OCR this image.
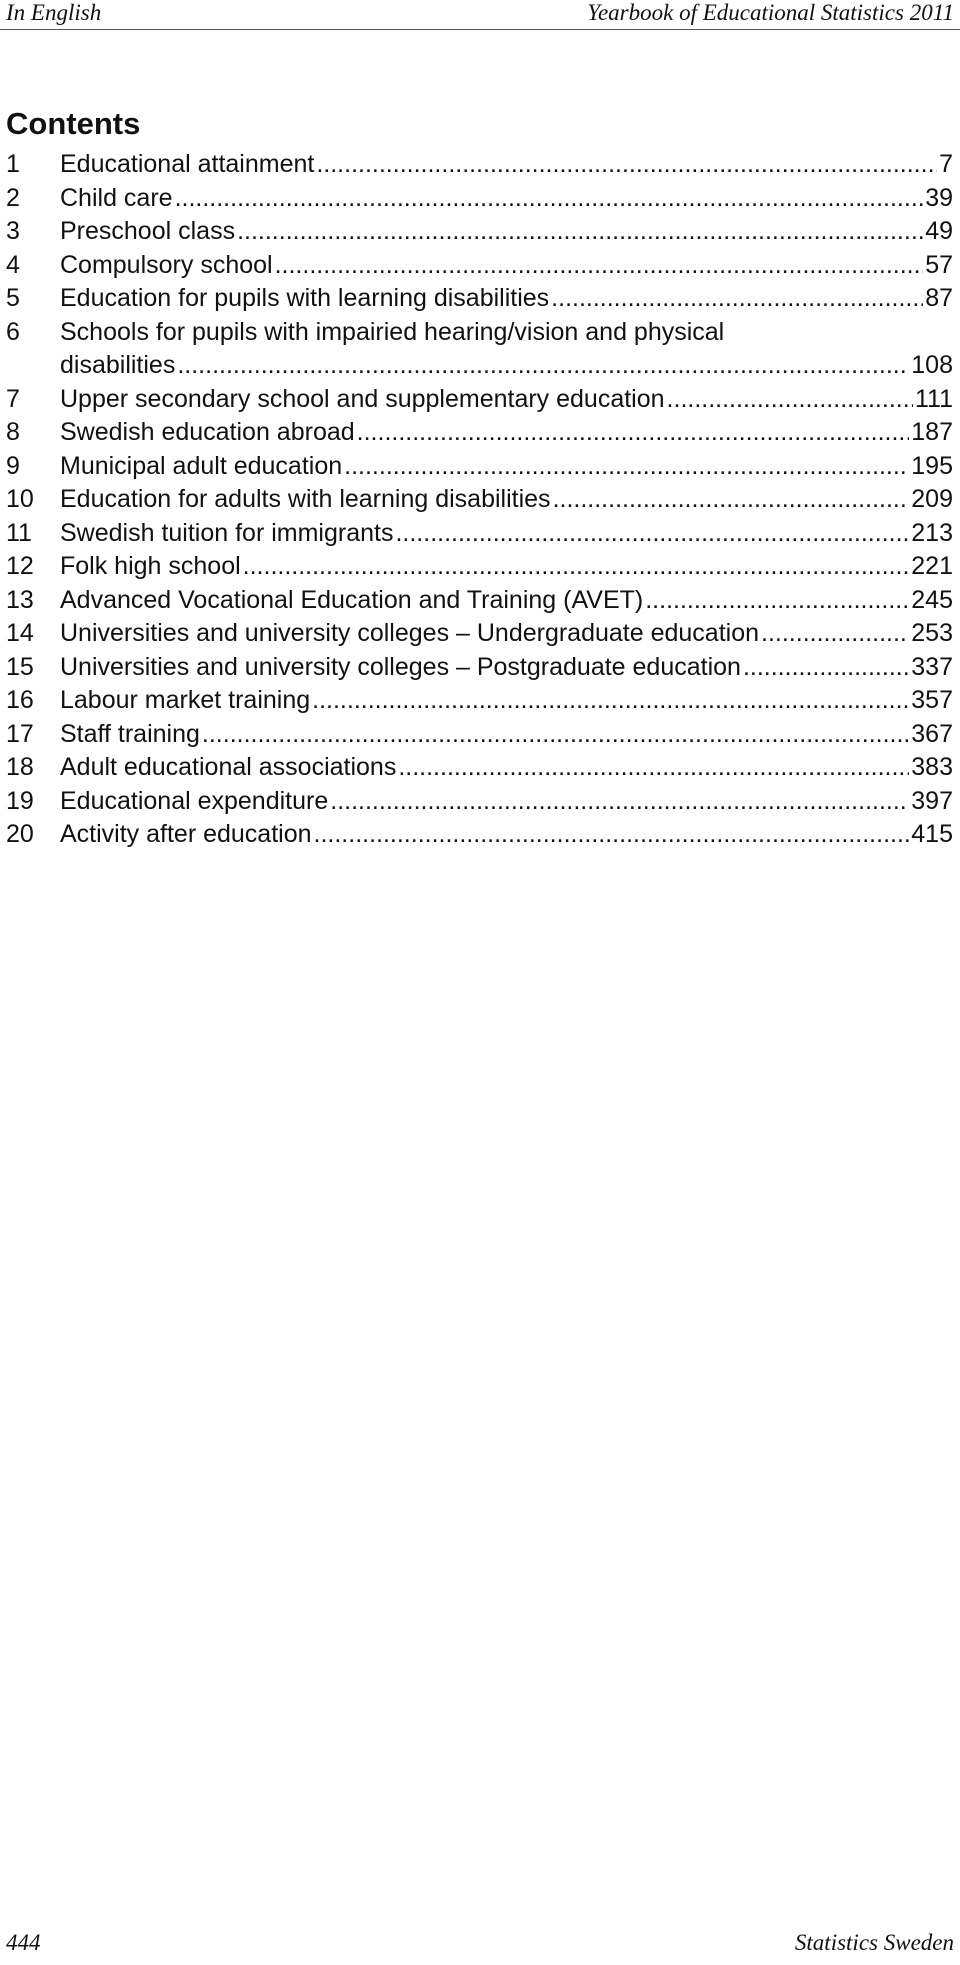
In English	Yearbook of Educational Statistics 2011
Contents
1	Educational attainment .....	7
2	Child care .....	39
3	Preschool class .....	49
4	Compulsory school .....	57
5	Education for pupils with learning disabilities .....	87
6	Schools for pupils with impairied hearing/vision and physical
disabilities .....	108
7	Upper secondary school and supplementary education .....	111
8	Swedish education abroad .....	187
9	Municipal adult education .....	195
10	Education for adults with learning disabilities .....	209
11	Swedish tuition for immigrants .....	213
12	Folk high school .....	221
13	Advanced Vocational Education and Training (AVET) .....	245
14	Universities and university colleges – Undergraduate education .....	253
15	Universities and university colleges – Postgraduate education .....	337
16	Labour market training .....	357
17	Staff training .....	367
18	Adult educational associations .....	383
19	Educational expenditure .....	397
20	Activity after education .....	415
444	Statistics Sweden
